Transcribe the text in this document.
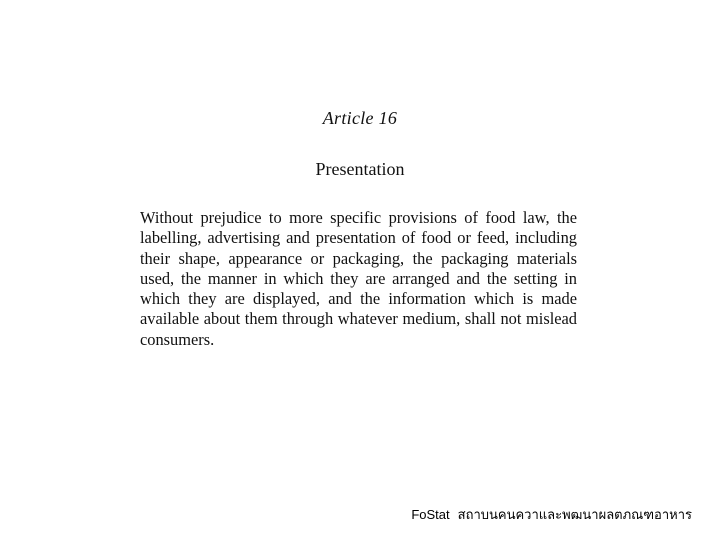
Article 16
Presentation
Without prejudice to more specific provisions of food law, the labelling, advertising and presentation of food or feed, including their shape, appearance or packaging, the packaging materials used, the manner in which they are arranged and the setting in which they are displayed, and the information which is made available about them through whatever medium, shall not mislead consumers.
FoStat สถาบนคนควาและพฒนาผลตภณฑอาหาร
